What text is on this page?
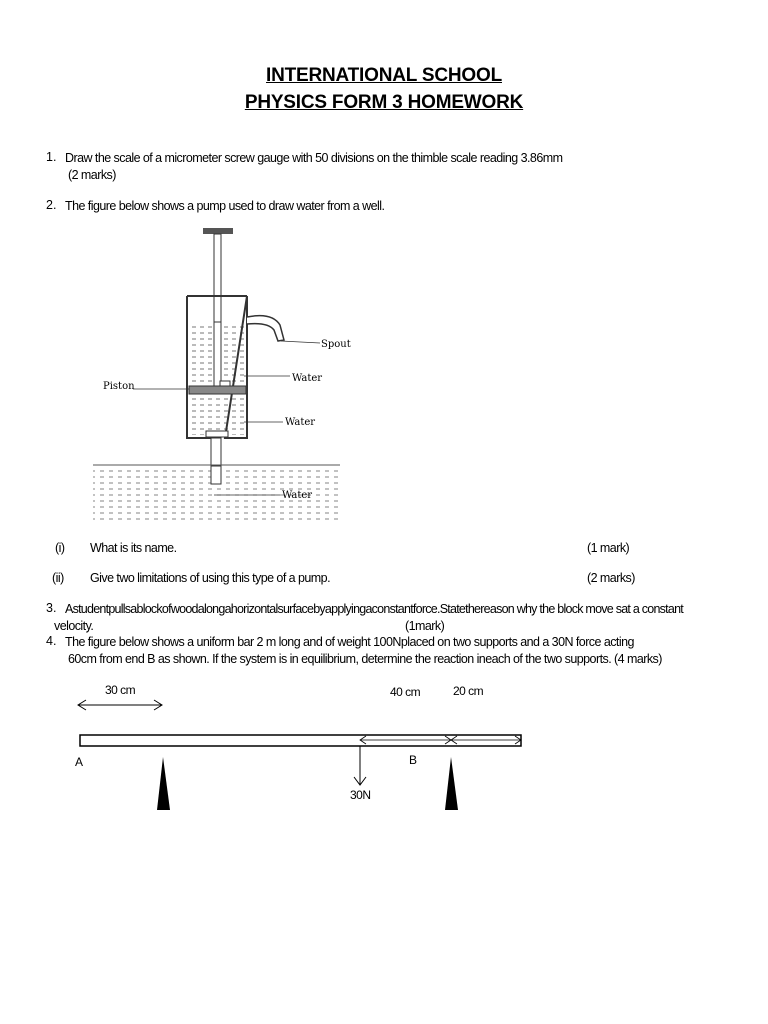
INTERNATIONAL SCHOOL
PHYSICS FORM 3 HOMEWORK
1. Draw the scale of a micrometer screw gauge with 50 divisions on the thimble scale reading 3.86mm
(2 marks)
2. The figure below shows a pump used to draw water from a well.
Spout
Piston
Water
Water
Water
(i) What is its name.	(1 mark)
(ii) Give two limitations of using this type of a pump.	(2 marks)
3. Astudentpullsablockofwoodalongahorizontalsurfacebyapplyingaconstantforce.Statethereason why the block move sat a constant
velocity.	(1mark)
4. The figure below shows a uniform bar 2 m long and of weight 100Nplaced on two supports and a 30N force acting
60cm from end B as shown. If the system is in equilibrium, determine the reaction ineach of the two supports. (4 marks)
30 cm	40 cm	20 cm
A	B
30N
